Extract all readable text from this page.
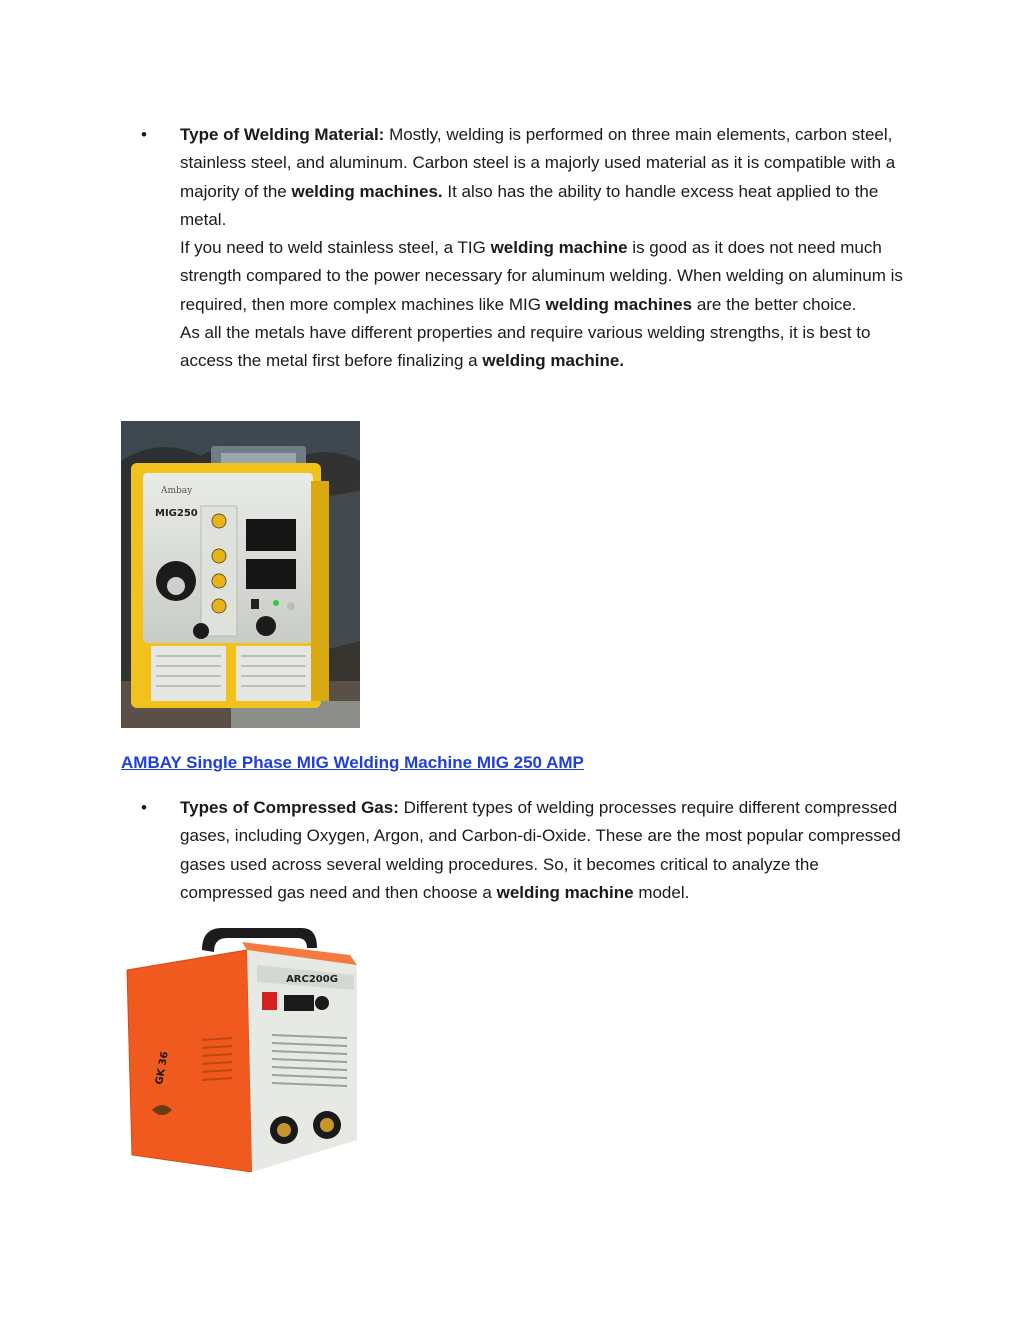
• Type of Welding Material: Mostly, welding is performed on three main elements, carbon steel, stainless steel, and aluminum. Carbon steel is a majorly used material as it is compatible with a majority of the welding machines. It also has the ability to handle excess heat applied to the metal.
If you need to weld stainless steel, a TIG welding machine is good as it does not need much strength compared to the power necessary for aluminum welding. When welding on aluminum is required, then more complex machines like MIG welding machines are the better choice.
As all the metals have different properties and require various welding strengths, it is best to access the metal first before finalizing a welding machine.
Ambay
MIG250
AMBAY Single Phase MIG Welding Machine MIG 250 AMP
• Types of Compressed Gas: Different types of welding processes require different compressed gases, including Oxygen, Argon, and Carbon-di-Oxide. These are the most popular compressed gases used across several welding procedures. So, it becomes critical to analyze the compressed gas need and then choose a welding machine model.
ARC200G
GK 36
